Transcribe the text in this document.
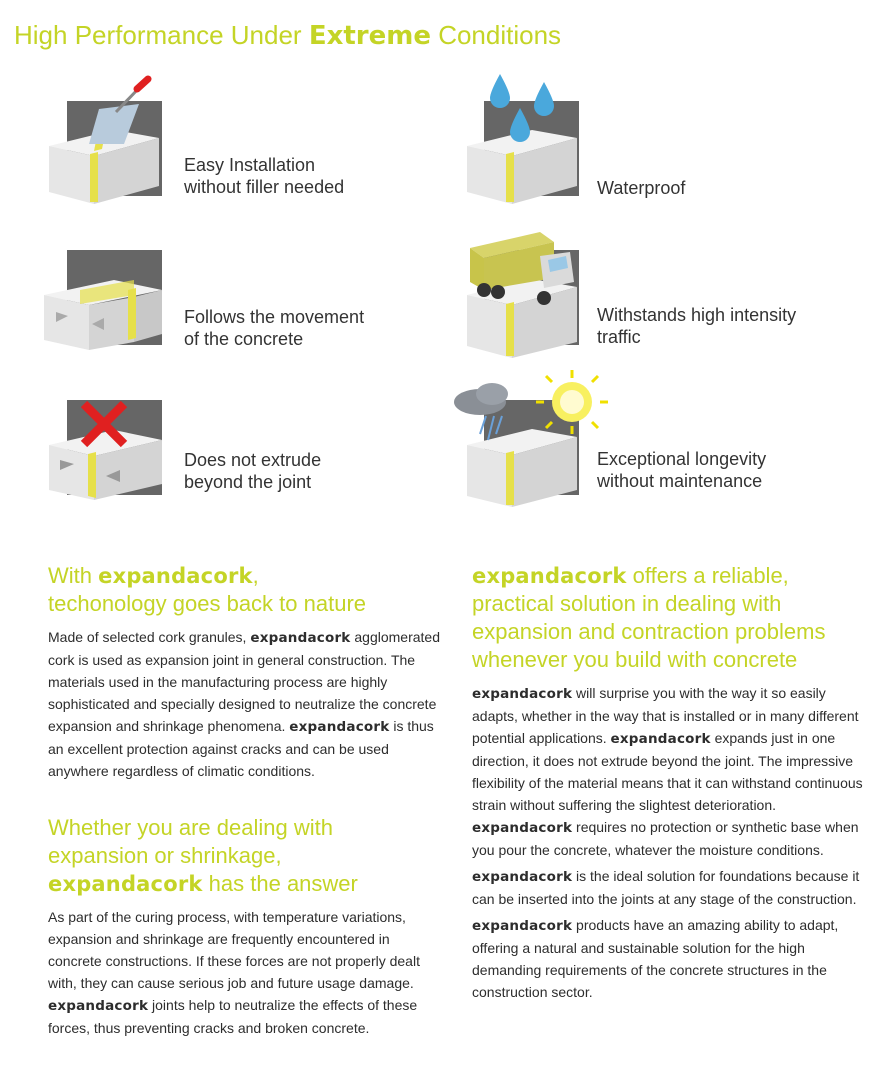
High Performance Under Extreme Conditions
Easy Installation
without filler needed	Waterproof
Follows the movement
of the concrete
Withstands high intensity
traffic
Does not extrude
beyond the joint
Exceptional longevity
without maintenance
With expandacork,
techonology goes back to nature

Made of selected cork granules, expandacork agglomerated cork is used as expansion joint in general construction. The materials used in the manufacturing process are highly sophisticated and specially designed to neutralize the concrete expansion and shrinkage phenomena. expandacork is thus an excellent protection against cracks and can be used anywhere regardless of climatic conditions.

Whether you are dealing with
expansion or shrinkage,
expandacork has the answer

As part of the curing process, with temperature variations, expansion and shrinkage are frequently encountered in concrete constructions. If these forces are not properly dealt with, they can cause serious job and future usage damage. expandacork joints help to neutralize the effects of these forces, thus preventing cracks and broken concrete.

expandacork offers a reliable, practical solution in dealing with expansion and contraction problems whenever you build with concrete

expandacork will surprise you with the way it so easily adapts, whether in the way that is installed or in many different potential applications. expandacork expands just in one direction, it does not extrude beyond the joint. The impressive flexibility of the material means that it can withstand continuous strain without suffering the slightest deterioration. expandacork requires no protection or synthetic base when you pour the concrete, whatever the moisture conditions.

expandacork is the ideal solution for foundations because it can be inserted into the joints at any stage of the construction.

expandacork products have an amazing ability to adapt, offering a natural and sustainable solution for the high demanding requirements of the concrete structures in the construction sector.
